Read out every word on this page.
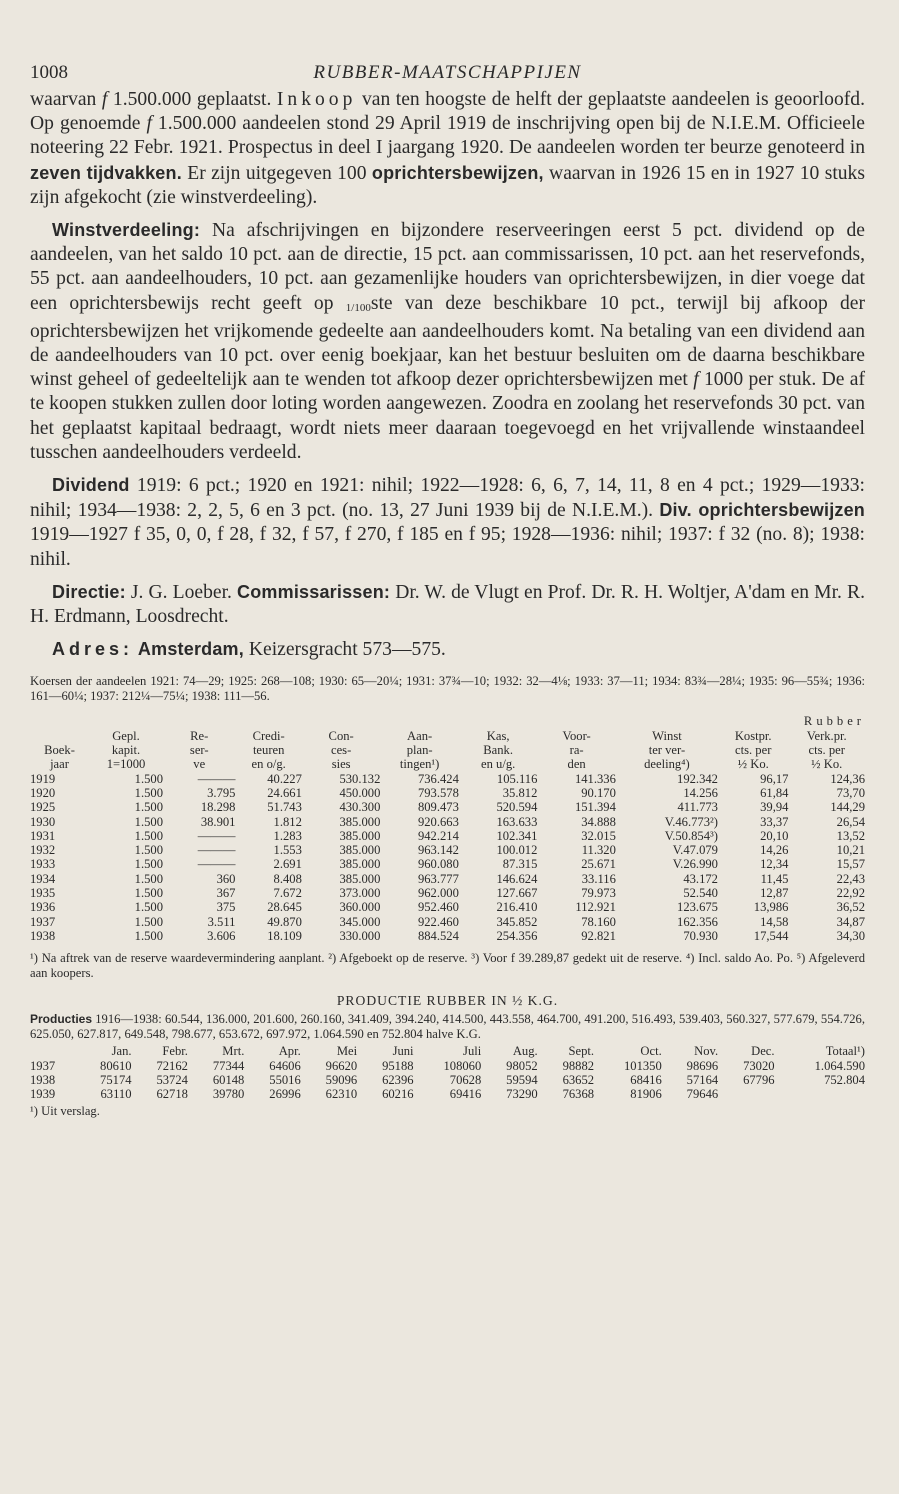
1008	RUBBER-MAATSCHAPPIJEN

waarvan f 1.500.000 geplaatst. Inkoop van ten hoogste de helft der geplaatste aandeelen is geoorloofd. Op genoemde f 1.500.000 aandeelen stond 29 April 1919 de inschrijving open bij de N.I.E.M. Officieele noteering 22 Febr. 1921. Prospectus in deel I jaargang 1920. De aandeelen worden ter beurze genoteerd in zeven tijdvakken. Er zijn uitgegeven 100 oprichtersbewijzen, waarvan in 1926 15 en in 1927 10 stuks zijn afgekocht (zie winstverdeeling).

Winstverdeeling: Na afschrijvingen en bijzondere reserveeringen eerst 5 pct. dividend op de aandeelen, van het saldo 10 pct. aan de directie, 15 pct. aan commissarissen, 10 pct. aan het reservefonds, 55 pct. aan aandeelhouders, 10 pct. aan gezamenlijke houders van oprichtersbewijzen, in dier voege dat een oprichtersbewijs recht geeft op 1/100ste van deze beschikbare 10 pct., terwijl bij afkoop der oprichtersbewijzen het vrijkomende gedeelte aan aandeelhouders komt. Na betaling van een dividend aan de aandeelhouders van 10 pct. over eenig boekjaar, kan het bestuur besluiten om de daarna beschikbare winst geheel of gedeeltelijk aan te wenden tot afkoop dezer oprichtersbewijzen met f 1000 per stuk. De af te koopen stukken zullen door loting worden aangewezen. Zoodra en zoolang het reservefonds 30 pct. van het geplaatst kapitaal bedraagt, wordt niets meer daaraan toegevoegd en het vrijvallende winstaandeel tusschen aandeelhouders verdeeld.

Dividend 1919: 6 pct.; 1920 en 1921: nihil; 1922—1928: 6, 6, 7, 14, 11, 8 en 4 pct.; 1929—1933: nihil; 1934—1938: 2, 2, 5, 6 en 3 pct. (no. 13, 27 Juni 1939 bij de N.I.E.M.). Div. oprichtersbewijzen 1919—1927 f 35, 0, 0, f 28, f 32, f 57, f 270, f 185 en f 95; 1928—1936: nihil; 1937: f 32 (no. 8); 1938: nihil.

Directie: J. G. Loeber. Commissarissen: Dr. W. de Vlugt en Prof. Dr. R. H. Woltjer, A'dam en Mr. R. H. Erdmann, Loosdrecht.

Adres: Amsterdam, Keizersgracht 573—575.

Koersen der aandeelen 1921: 74—29; 1925: 268—108; 1930: 65—20¼; 1931: 37¾—10; 1932: 32—4⅛; 1933: 37—11; 1934: 83¾—28¼; 1935: 96—55¾; 1936: 161—60¼; 1937: 212¼—75¼; 1938: 111—56.

Rubber										
	Gepl.	Re-	Credi-	Con-	Aan-	Kas,	Voor-	Winst	Kostpr.	Verk.pr.
Boek-	kapit.	ser-	teuren	ces-	plan-	Bank.	ra-	ter ver-	cts. per	cts. per
jaar	1=1000	ve	en o/g.	sies	tingen¹)	en u/g.	den	deeling⁴)	½ Ko.	½ Ko.
1919	1.500	———	40.227	530.132	736.424	105.116	141.336	192.342	96,17	124,36
1920	1.500	3.795	24.661	450.000	793.578	35.812	90.170	14.256	61,84	73,70
1925	1.500	18.298	51.743	430.300	809.473	520.594	151.394	411.773	39,94	144,29
1930	1.500	38.901	1.812	385.000	920.663	163.633	34.888	V.46.773²)	33,37	26,54
1931	1.500	———	1.283	385.000	942.214	102.341	32.015	V.50.854³)	20,10	13,52
1932	1.500	———	1.553	385.000	963.142	100.012	11.320	V.47.079	14,26	10,21
1933	1.500	———	2.691	385.000	960.080	87.315	25.671	V.26.990	12,34	15,57
1934	1.500	360	8.408	385.000	963.777	146.624	33.116	43.172	11,45	22,43
1935	1.500	367	7.672	373.000	962.000	127.667	79.973	52.540	12,87	22,92
1936	1.500	375	28.645	360.000	952.460	216.410	112.921	123.675	13,986	36,52
1937	1.500	3.511	49.870	345.000	922.460	345.852	78.160	162.356	14,58	34,87
1938	1.500	3.606	18.109	330.000	884.524	254.356	92.821	70.930	17,544	34,30

¹) Na aftrek van de reserve waardevermindering aanplant. ²) Afgeboekt op de reserve. ³) Voor f 39.289,87 gedekt uit de reserve. ⁴) Incl. saldo Ao. Po. ⁵) Afgeleverd aan koopers.

PRODUCTIE RUBBER IN ½ K.G.

Producties 1916—1938: 60.544, 136.000, 201.600, 260.160, 341.409, 394.240, 414.500, 443.558, 464.700, 491.200, 516.493, 539.403, 560.327, 577.679, 554.726, 625.050, 627.817, 649.548, 798.677, 653.672, 697.972, 1.064.590 en 752.804 halve K.G.

	Jan.	Febr.	Mrt.	Apr.	Mei	Juni	Juli	Aug.	Sept.	Oct.	Nov.	Dec.	Totaal¹)
1937	80610	72162	77344	64606	96620	95188	108060	98052	98882	101350	98696	73020	1.064.590
1938	75174	53724	60148	55016	59096	62396	70628	59594	63652	68416	57164	67796	752.804
1939	63110	62718	39780	26996	62310	60216	69416	73290	76368	81906	79646		

¹) Uit verslag.
